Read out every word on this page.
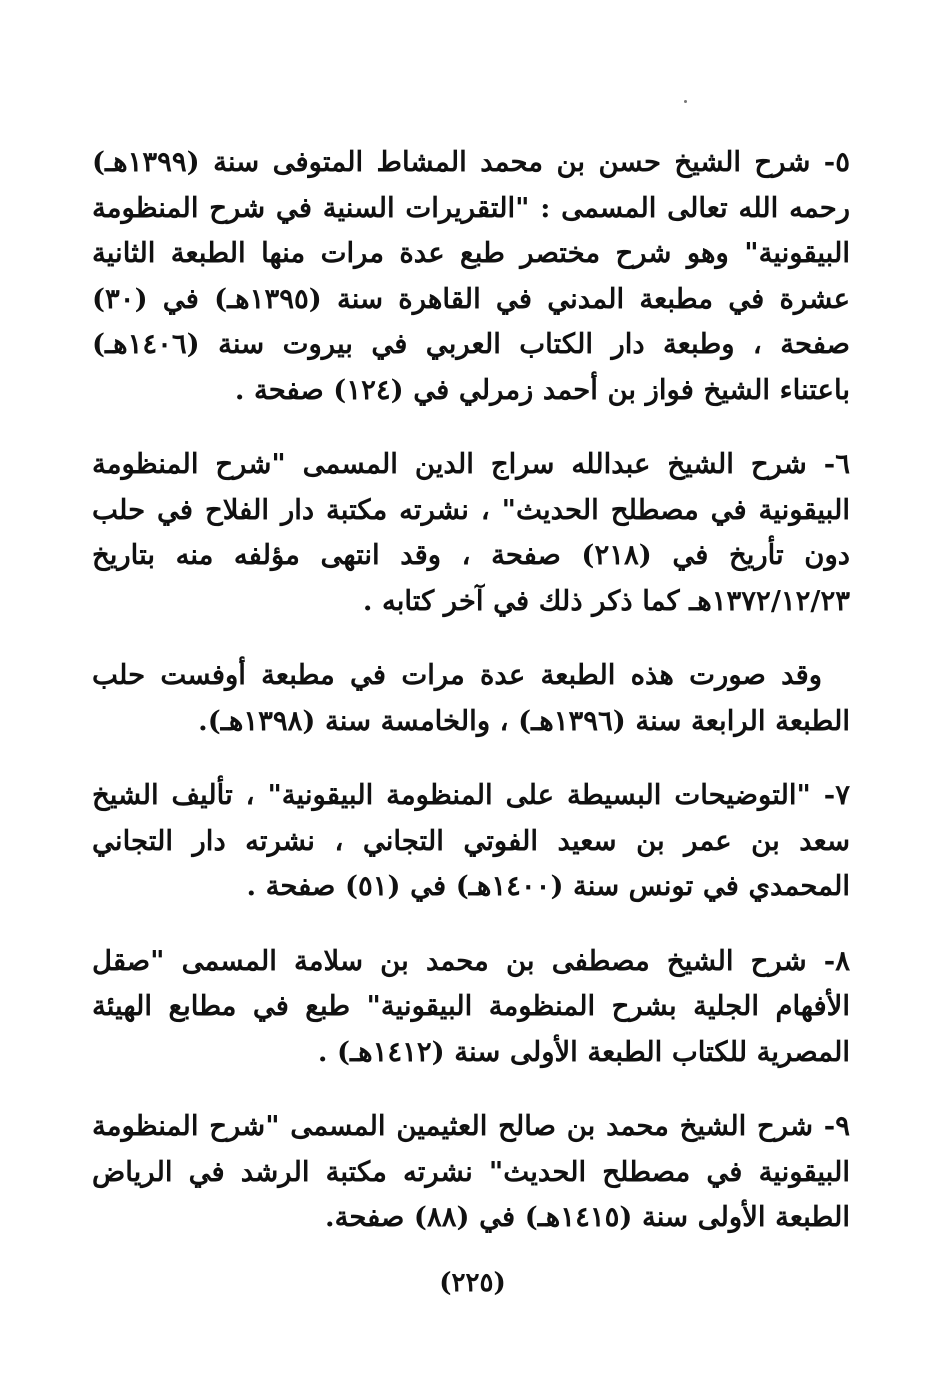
٥- شرح الشيخ حسن بن محمد المشاط المتوفى سنة (١٣٩٩هـ) رحمه الله تعالى المسمى : "التقريرات السنية في شرح المنظومة البيقونية" وهو شرح مختصر طبع عدة مرات منها الطبعة الثانية عشرة في مطبعة المدني في القاهرة سنة (١٣٩٥هـ) في (٣٠) صفحة ، وطبعة دار الكتاب العربي في بيروت سنة (١٤٠٦هـ) باعتناء الشيخ فواز بن أحمد زمرلي في (١٢٤) صفحة .

٦- شرح الشيخ عبدالله سراج الدين المسمى "شرح المنظومة البيقونية في مصطلح الحديث" ، نشرته مكتبة دار الفلاح في حلب دون تأريخ في (٢١٨) صفحة ، وقد انتهى مؤلفه منه بتاريخ ١٣٧٢/١٢/٢٣هـ كما ذكر ذلك في آخر كتابه .

وقد صورت هذه الطبعة عدة مرات في مطبعة أوفست حلب الطبعة الرابعة سنة (١٣٩٦هـ) ، والخامسة سنة (١٣٩٨هـ).

٧- "التوضيحات البسيطة على المنظومة البيقونية" ، تأليف الشيخ سعد بن عمر بن سعيد الفوتي التجاني ، نشرته دار التجاني المحمدي في تونس سنة (١٤٠٠هـ) في (٥١) صفحة .

٨- شرح الشيخ مصطفى بن محمد بن سلامة المسمى "صقل الأفهام الجلية بشرح المنظومة البيقونية" طبع في مطابع الهيئة المصرية للكتاب الطبعة الأولى سنة (١٤١٢هـ) .

٩- شرح الشيخ محمد بن صالح العثيمين المسمى "شرح المنظومة البيقونية في مصطلح الحديث" نشرته مكتبة الرشد في الرياض الطبعة الأولى سنة (١٤١٥هـ) في (٨٨) صفحة.

(٢٢٥)
